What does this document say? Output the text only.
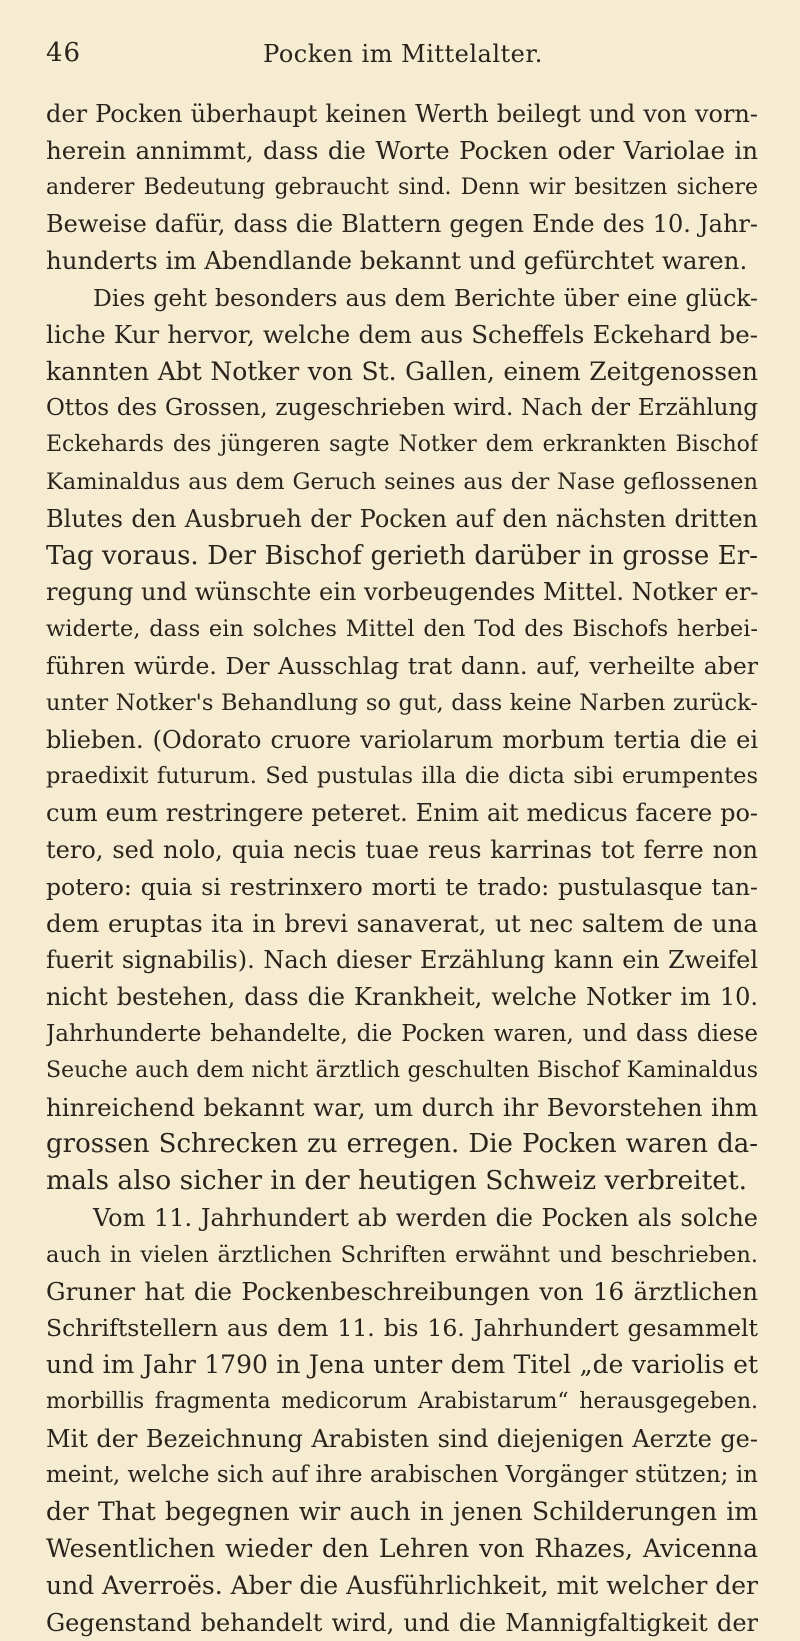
46	Pocken im Mittelalter.
der Pocken überhaupt keinen Werth beilegt und von vorn-
herein annimmt, dass die Worte Pocken oder Variolae in
anderer Bedeutung gebraucht sind. Denn wir besitzen sichere
Beweise dafür, dass die Blattern gegen Ende des 10. Jahr-
hunderts im Abendlande bekannt und gefürchtet waren.
Dies geht besonders aus dem Berichte über eine glück-
liche Kur hervor, welche dem aus Scheffels Eckehard be-
kannten Abt Notker von St. Gallen, einem Zeitgenossen
Ottos des Grossen, zugeschrieben wird. Nach der Erzählung
Eckehards des jüngeren sagte Notker dem erkrankten Bischof
Kaminaldus aus dem Geruch seines aus der Nase geflossenen
Blutes den Ausbrueh der Pocken auf den nächsten dritten
Tag voraus. Der Bischof gerieth darüber in grosse Er-
regung und wünschte ein vorbeugendes Mittel. Notker er-
widerte, dass ein solches Mittel den Tod des Bischofs herbei-
führen würde. Der Ausschlag trat dann. auf, verheilte aber
unter Notker's Behandlung so gut, dass keine Narben zurück-
blieben. (Odorato cruore variolarum morbum tertia die ei
praedixit futurum. Sed pustulas illa die dicta sibi erumpentes
cum eum restringere peteret. Enim ait medicus facere po-
tero, sed nolo, quia necis tuae reus karrinas tot ferre non
potero: quia si restrinxero morti te trado: pustulasque tan-
dem eruptas ita in brevi sanaverat, ut nec saltem de una
fuerit signabilis). Nach dieser Erzählung kann ein Zweifel
nicht bestehen, dass die Krankheit, welche Notker im 10.
Jahrhunderte behandelte, die Pocken waren, und dass diese
Seuche auch dem nicht ärztlich geschulten Bischof Kaminaldus
hinreichend bekannt war, um durch ihr Bevorstehen ihm
grossen Schrecken zu erregen. Die Pocken waren da-
mals also sicher in der heutigen Schweiz verbreitet.
Vom 11. Jahrhundert ab werden die Pocken als solche
auch in vielen ärztlichen Schriften erwähnt und beschrieben.
Gruner hat die Pockenbeschreibungen von 16 ärztlichen
Schriftstellern aus dem 11. bis 16. Jahrhundert gesammelt
und im Jahr 1790 in Jena unter dem Titel „de variolis et
morbillis fragmenta medicorum Arabistarum“ herausgegeben.
Mit der Bezeichnung Arabisten sind diejenigen Aerzte ge-
meint, welche sich auf ihre arabischen Vorgänger stützen; in
der That begegnen wir auch in jenen Schilderungen im
Wesentlichen wieder den Lehren von Rhazes, Avicenna
und Averroës. Aber die Ausführlichkeit, mit welcher der
Gegenstand behandelt wird, und die Mannigfaltigkeit der
